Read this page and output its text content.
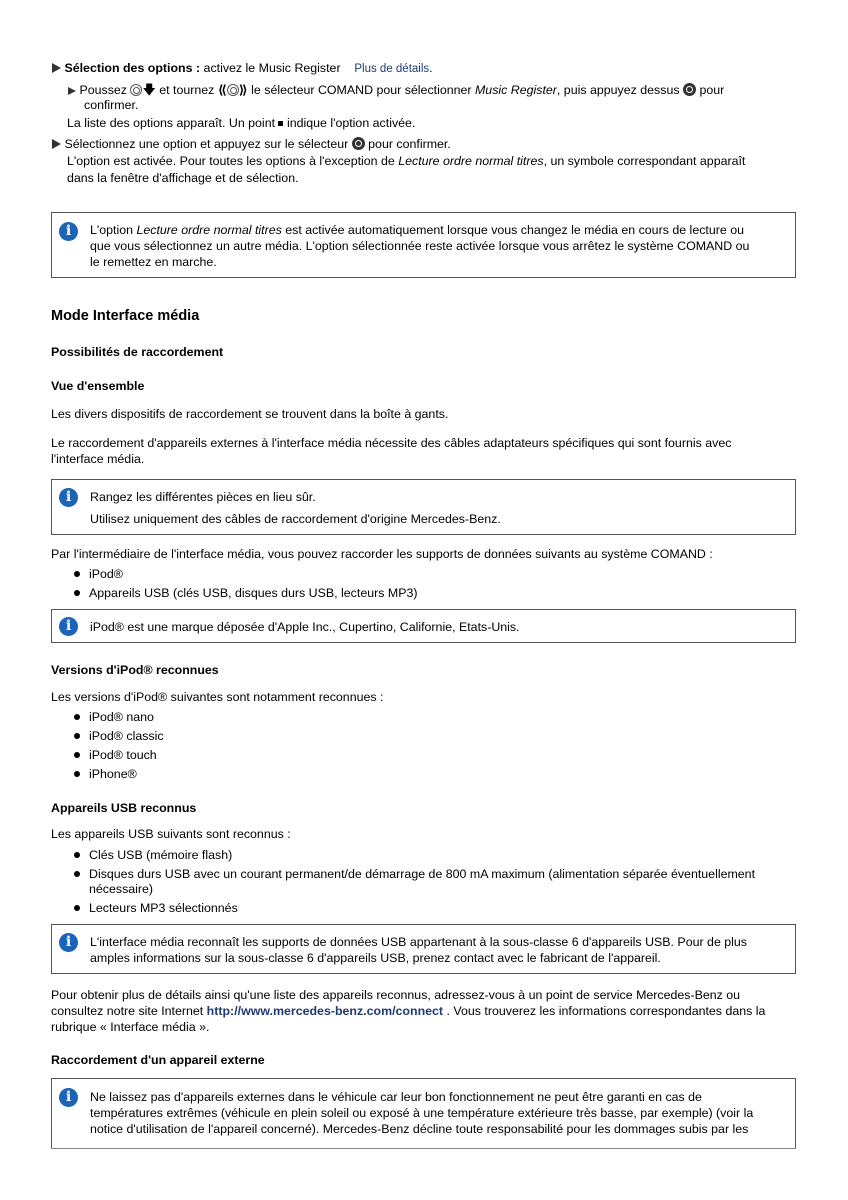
Sélection des options : activez le Music Register Plus de détails.
Poussez 🡇 et tournez ⟪ ⟫ le sélecteur COMAND pour sélectionner Music Register, puis appuyez dessus pour
confirmer.
La liste des options apparaît. Un point indique l'option activée.
Sélectionnez une option et appuyez sur le sélecteur pour confirmer.
L'option est activée. Pour toutes les options à l'exception de Lecture ordre normal titres, un symbole correspondant apparaît
dans la fenêtre d'affichage et de sélection.
i	L'option Lecture ordre normal titres est activée automatiquement lorsque vous changez le média en cours de lecture ou
que vous sélectionnez un autre média. L'option sélectionnée reste activée lorsque vous arrêtez le système COMAND ou
le remettez en marche.
Mode Interface média
Possibilités de raccordement
Vue d'ensemble
Les divers dispositifs de raccordement se trouvent dans la boîte à gants.
Le raccordement d'appareils externes à l'interface média nécessite des câbles adaptateurs spécifiques qui sont fournis avec
l'interface média.
i	Rangez les différentes pièces en lieu sûr.
Utilisez uniquement des câbles de raccordement d'origine Mercedes-Benz.
Par l'intermédiaire de l'interface média, vous pouvez raccorder les supports de données suivants au système COMAND :
iPod®
Appareils USB (clés USB, disques durs USB, lecteurs MP3)
i	iPod® est une marque déposée d'Apple Inc., Cupertino, Californie, Etats-Unis.
Versions d'iPod® reconnues
Les versions d'iPod® suivantes sont notamment reconnues :
iPod® nano
iPod® classic
iPod® touch
iPhone®
Appareils USB reconnus
Les appareils USB suivants sont reconnus :
Clés USB (mémoire flash)
Disques durs USB avec un courant permanent/de démarrage de 800 mA maximum (alimentation séparée éventuellement
nécessaire)
Lecteurs MP3 sélectionnés
i	L'interface média reconnaît les supports de données USB appartenant à la sous-classe 6 d'appareils USB. Pour de plus
amples informations sur la sous-classe 6 d'appareils USB, prenez contact avec le fabricant de l'appareil.
Pour obtenir plus de détails ainsi qu'une liste des appareils reconnus, adressez-vous à un point de service Mercedes-Benz ou
consultez notre site Internet http://www.mercedes-benz.com/connect . Vous trouverez les informations correspondantes dans la
rubrique « Interface média ».
Raccordement d'un appareil externe
i	Ne laissez pas d'appareils externes dans le véhicule car leur bon fonctionnement ne peut être garanti en cas de
températures extrêmes (véhicule en plein soleil ou exposé à une température extérieure très basse, par exemple) (voir la
notice d'utilisation de l'appareil concerné). Mercedes-Benz décline toute responsabilité pour les dommages subis par les
